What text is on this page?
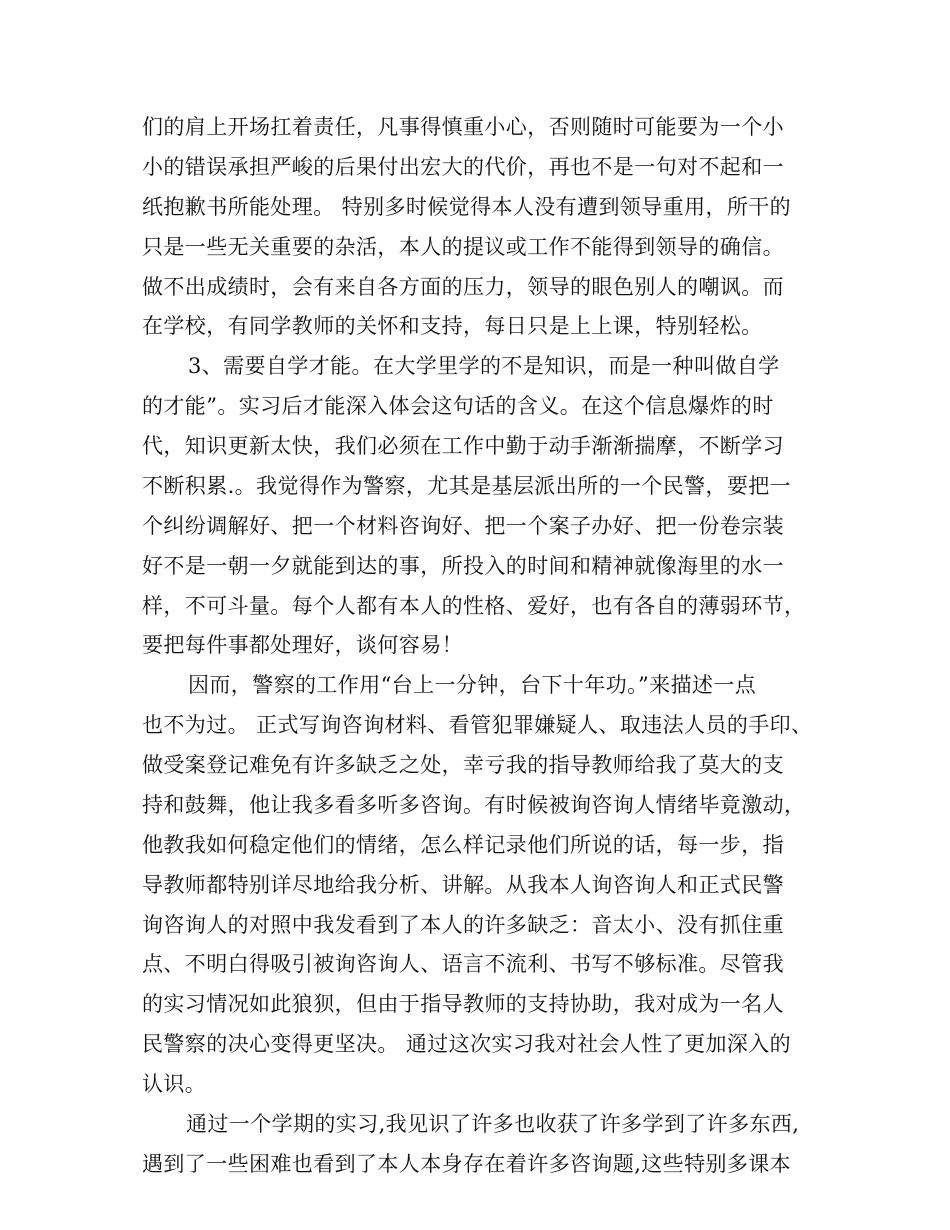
们的肩上开场扛着责任，凡事得慎重小心，否则随时可能要为一个小
小的错误承担严峻的后果付出宏大的代价，再也不是一句对不起和一
纸抱歉书所能处理。 特别多时候觉得本人没有遭到领导重用，所干的
只是一些无关重要的杂活，本人的提议或工作不能得到领导的确信。
做不出成绩时，会有来自各方面的压力，领导的眼色别人的嘲讽。而
在学校，有同学教师的关怀和支持，每日只是上上课，特别轻松。
3、需要自学才能。在大学里学的不是知识，而是一种叫做自学
的才能”。实习后才能深入体会这句话的含义。在这个信息爆炸的时
代，知识更新太快，我们必须在工作中勤于动手渐渐揣摩，不断学习
不断积累.。我觉得作为警察，尤其是基层派出所的一个民警，要把一
个纠纷调解好、把一个材料咨询好、把一个案子办好、把一份卷宗装
好不是一朝一夕就能到达的事，所投入的时间和精神就像海里的水一
样，不可斗量。每个人都有本人的性格、爱好，也有各自的薄弱环节，
要把每件事都处理好，谈何容易！
因而，警察的工作用“台上一分钟，台下十年功。”来描述一点
也不为过。 正式写询咨询材料、看管犯罪嫌疑人、取违法人员的手印、
做受案登记难免有许多缺乏之处，幸亏我的指导教师给我了莫大的支
持和鼓舞，他让我多看多听多咨询。有时候被询咨询人情绪毕竟激动，
他教我如何稳定他们的情绪，怎么样记录他们所说的话，每一步，指
导教师都特别详尽地给我分析、讲解。从我本人询咨询人和正式民警
询咨询人的对照中我发看到了本人的许多缺乏：音太小、没有抓住重
点、不明白得吸引被询咨询人、语言不流利、书写不够标准。尽管我
的实习情况如此狼狈，但由于指导教师的支持协助，我对成为一名人
民警察的决心变得更坚决。 通过这次实习我对社会人性了更加深入的
认识。
通过一个学期的实习,我见识了许多也收获了许多学到了许多东西,
遇到了一些困难也看到了本人本身存在着许多咨询题,这些特别多课本
